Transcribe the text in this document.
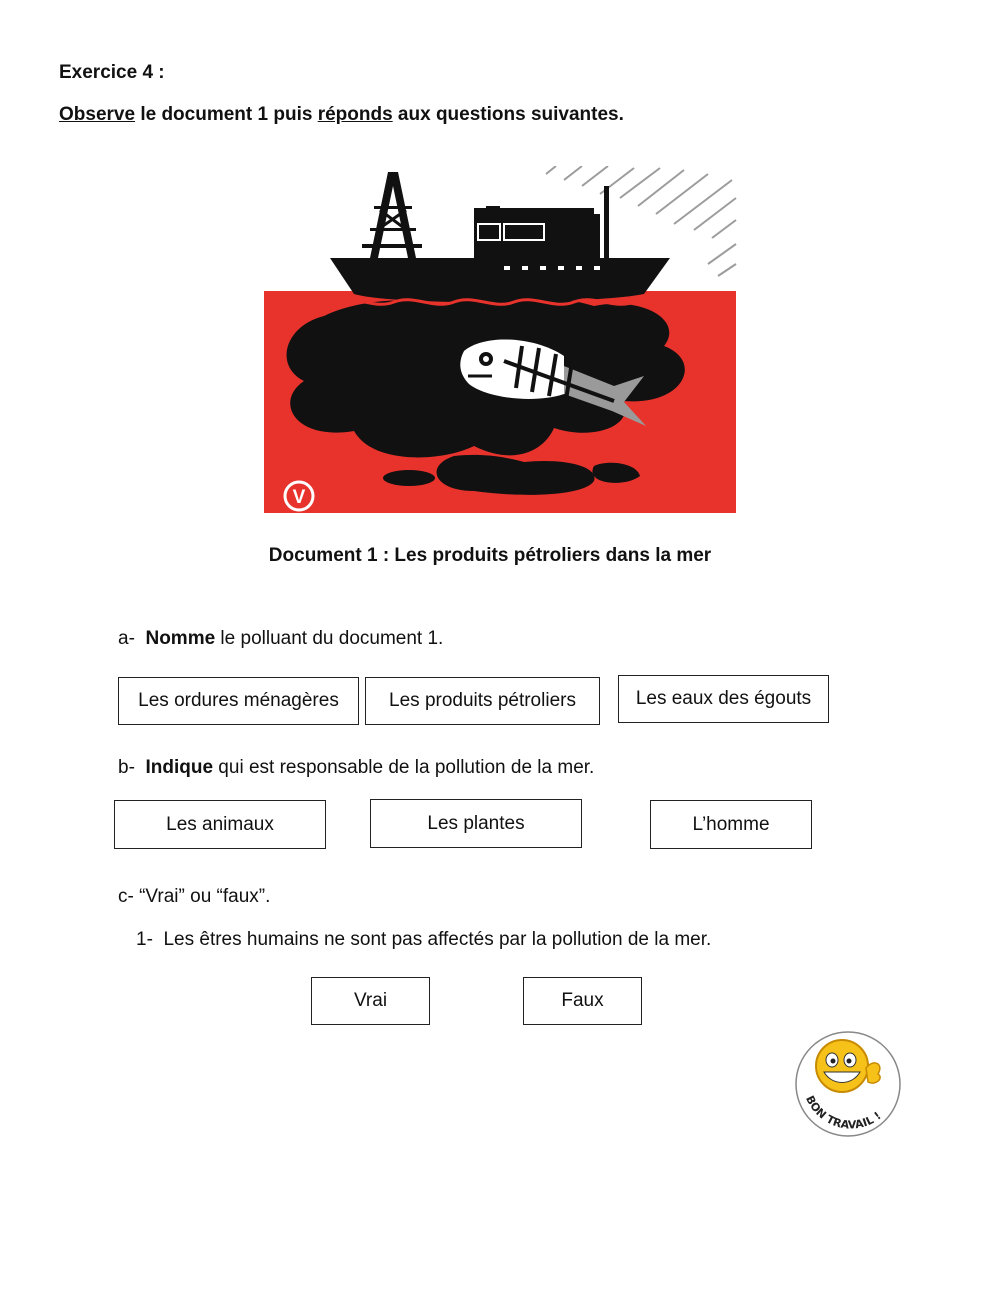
Exercice 4 :
Observe le document 1 puis réponds aux questions suivantes.
V
Document 1 : Les produits pétroliers dans la mer
a- Nomme le polluant du document 1.
Les ordures ménagères	Les produits pétroliers	Les eaux des égouts
b- Indique qui est responsable de la pollution de la mer.
Les animaux	Les plantes	L’homme
c- “Vrai” ou “faux”.
1- Les êtres humains ne sont pas affectés par la pollution de la mer.
Vrai	Faux
BON TRAVAIL !
